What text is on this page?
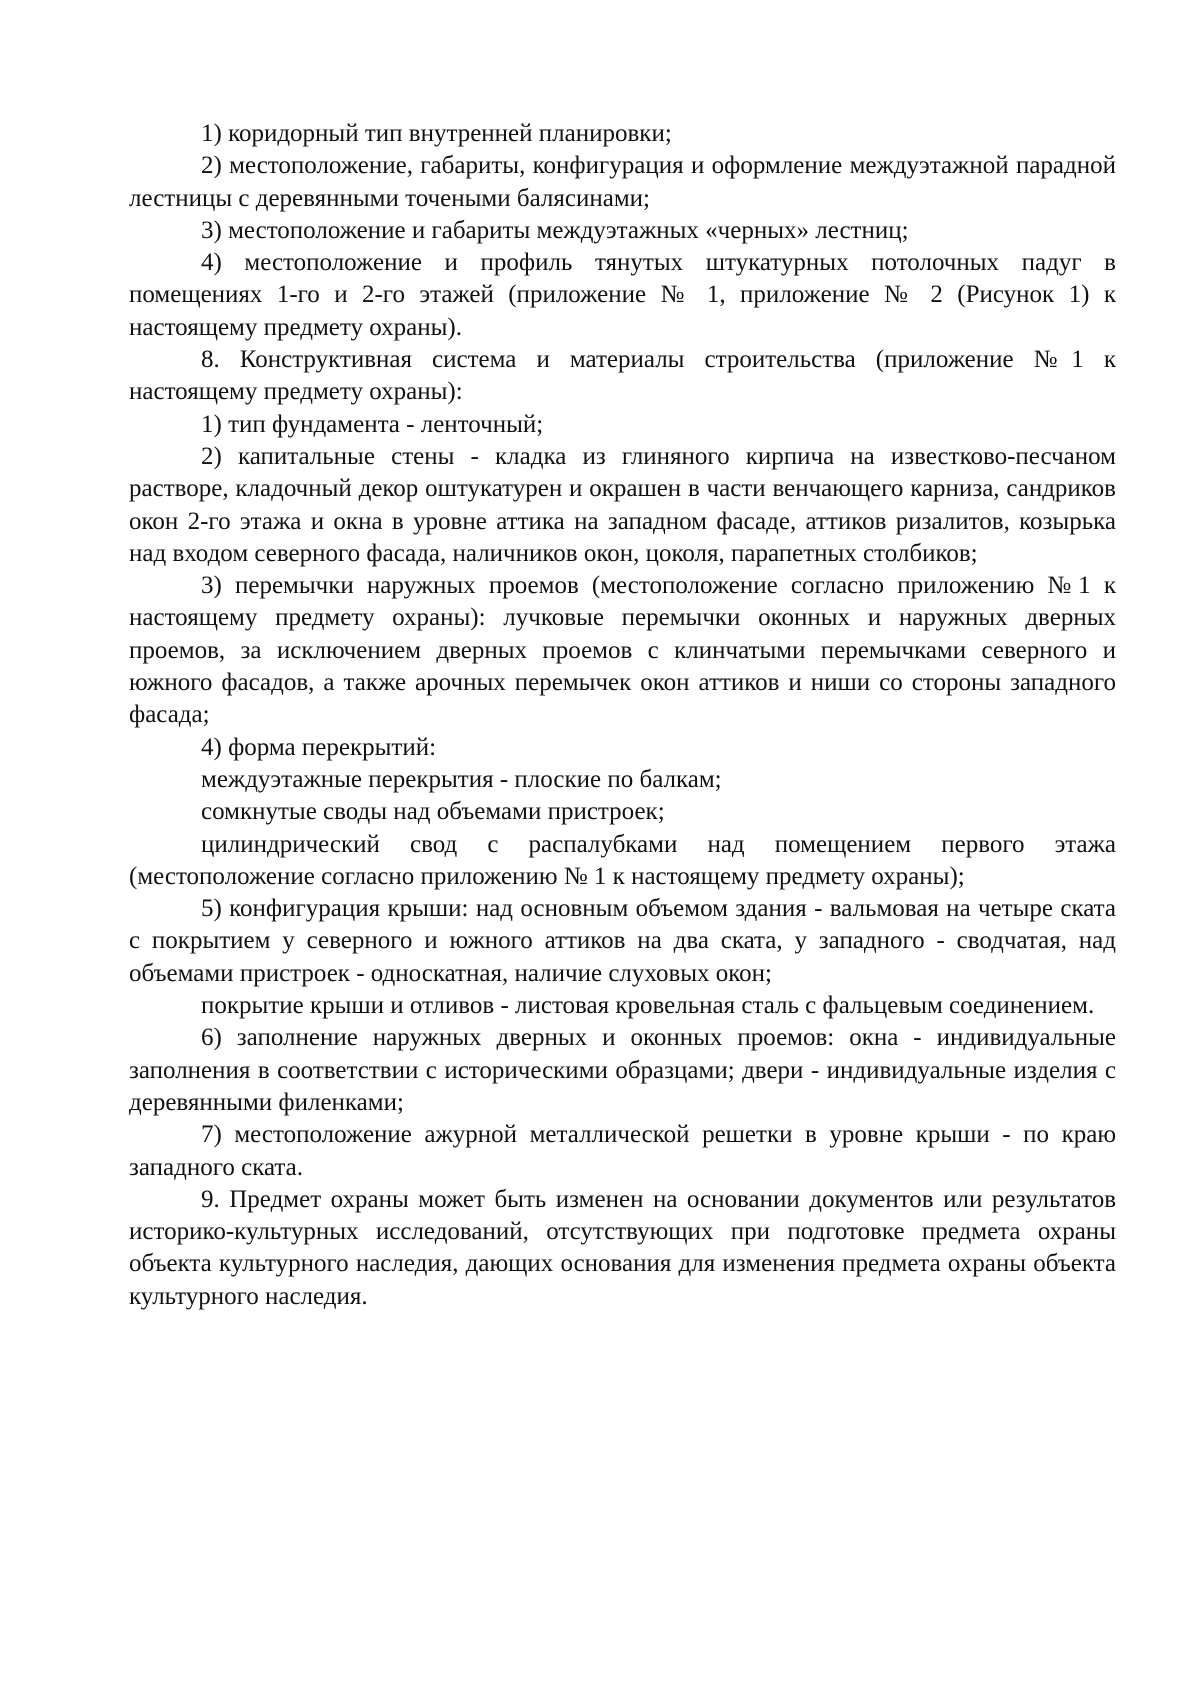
1) коридорный тип внутренней планировки;

2) местоположение, габариты, конфигурация и оформление междуэтажной парадной лестницы с деревянными точеными балясинами;

3) местоположение и габариты междуэтажных «черных» лестниц;

4) местоположение и профиль тянутых штукатурных потолочных падуг в помещениях 1-го и 2-го этажей (приложение № 1, приложение № 2 (Рисунок 1) к настоящему предмету охраны).

8. Конструктивная система и материалы строительства (приложение №1 к настоящему предмету охраны):

1) тип фундамента - ленточный;

2) капитальные стены - кладка из глиняного кирпича на известково-песчаном растворе, кладочный декор оштукатурен и окрашен в части венчающего карниза, сандриков окон 2-го этажа и окна в уровне аттика на западном фасаде, аттиков ризалитов, козырька над входом северного фасада, наличников окон, цоколя, парапетных столбиков;

3) перемычки наружных проемов (местоположение согласно приложению №1 к настоящему предмету охраны): лучковые перемычки оконных и наружных дверных проемов, за исключением дверных проемов с клинчатыми перемычками северного и южного фасадов, а также арочных перемычек окон аттиков и ниши со стороны западного фасада;

4) форма перекрытий:

междуэтажные перекрытия - плоские по балкам;

сомкнутые своды над объемами пристроек;

цилиндрический свод с распалубками над помещением первого этажа (местоположение согласно приложению № 1 к настоящему предмету охраны);

5) конфигурация крыши: над основным объемом здания - вальмовая на четыре ската с покрытием у северного и южного аттиков на два ската, у западного - сводчатая, над объемами пристроек - односкатная, наличие слуховых окон;

покрытие крыши и отливов - листовая кровельная сталь с фальцевым соединением.

6) заполнение наружных дверных и оконных проемов: окна - индивидуальные заполнения в соответствии с историческими образцами; двери - индивидуальные изделия с деревянными филенками;

7) местоположение ажурной металлической решетки в уровне крыши - по краю западного ската.

9. Предмет охраны может быть изменен на основании документов или результатов историко-культурных исследований, отсутствующих при подготовке предмета охраны объекта культурного наследия, дающих основания для изменения предмета охраны объекта культурного наследия.
